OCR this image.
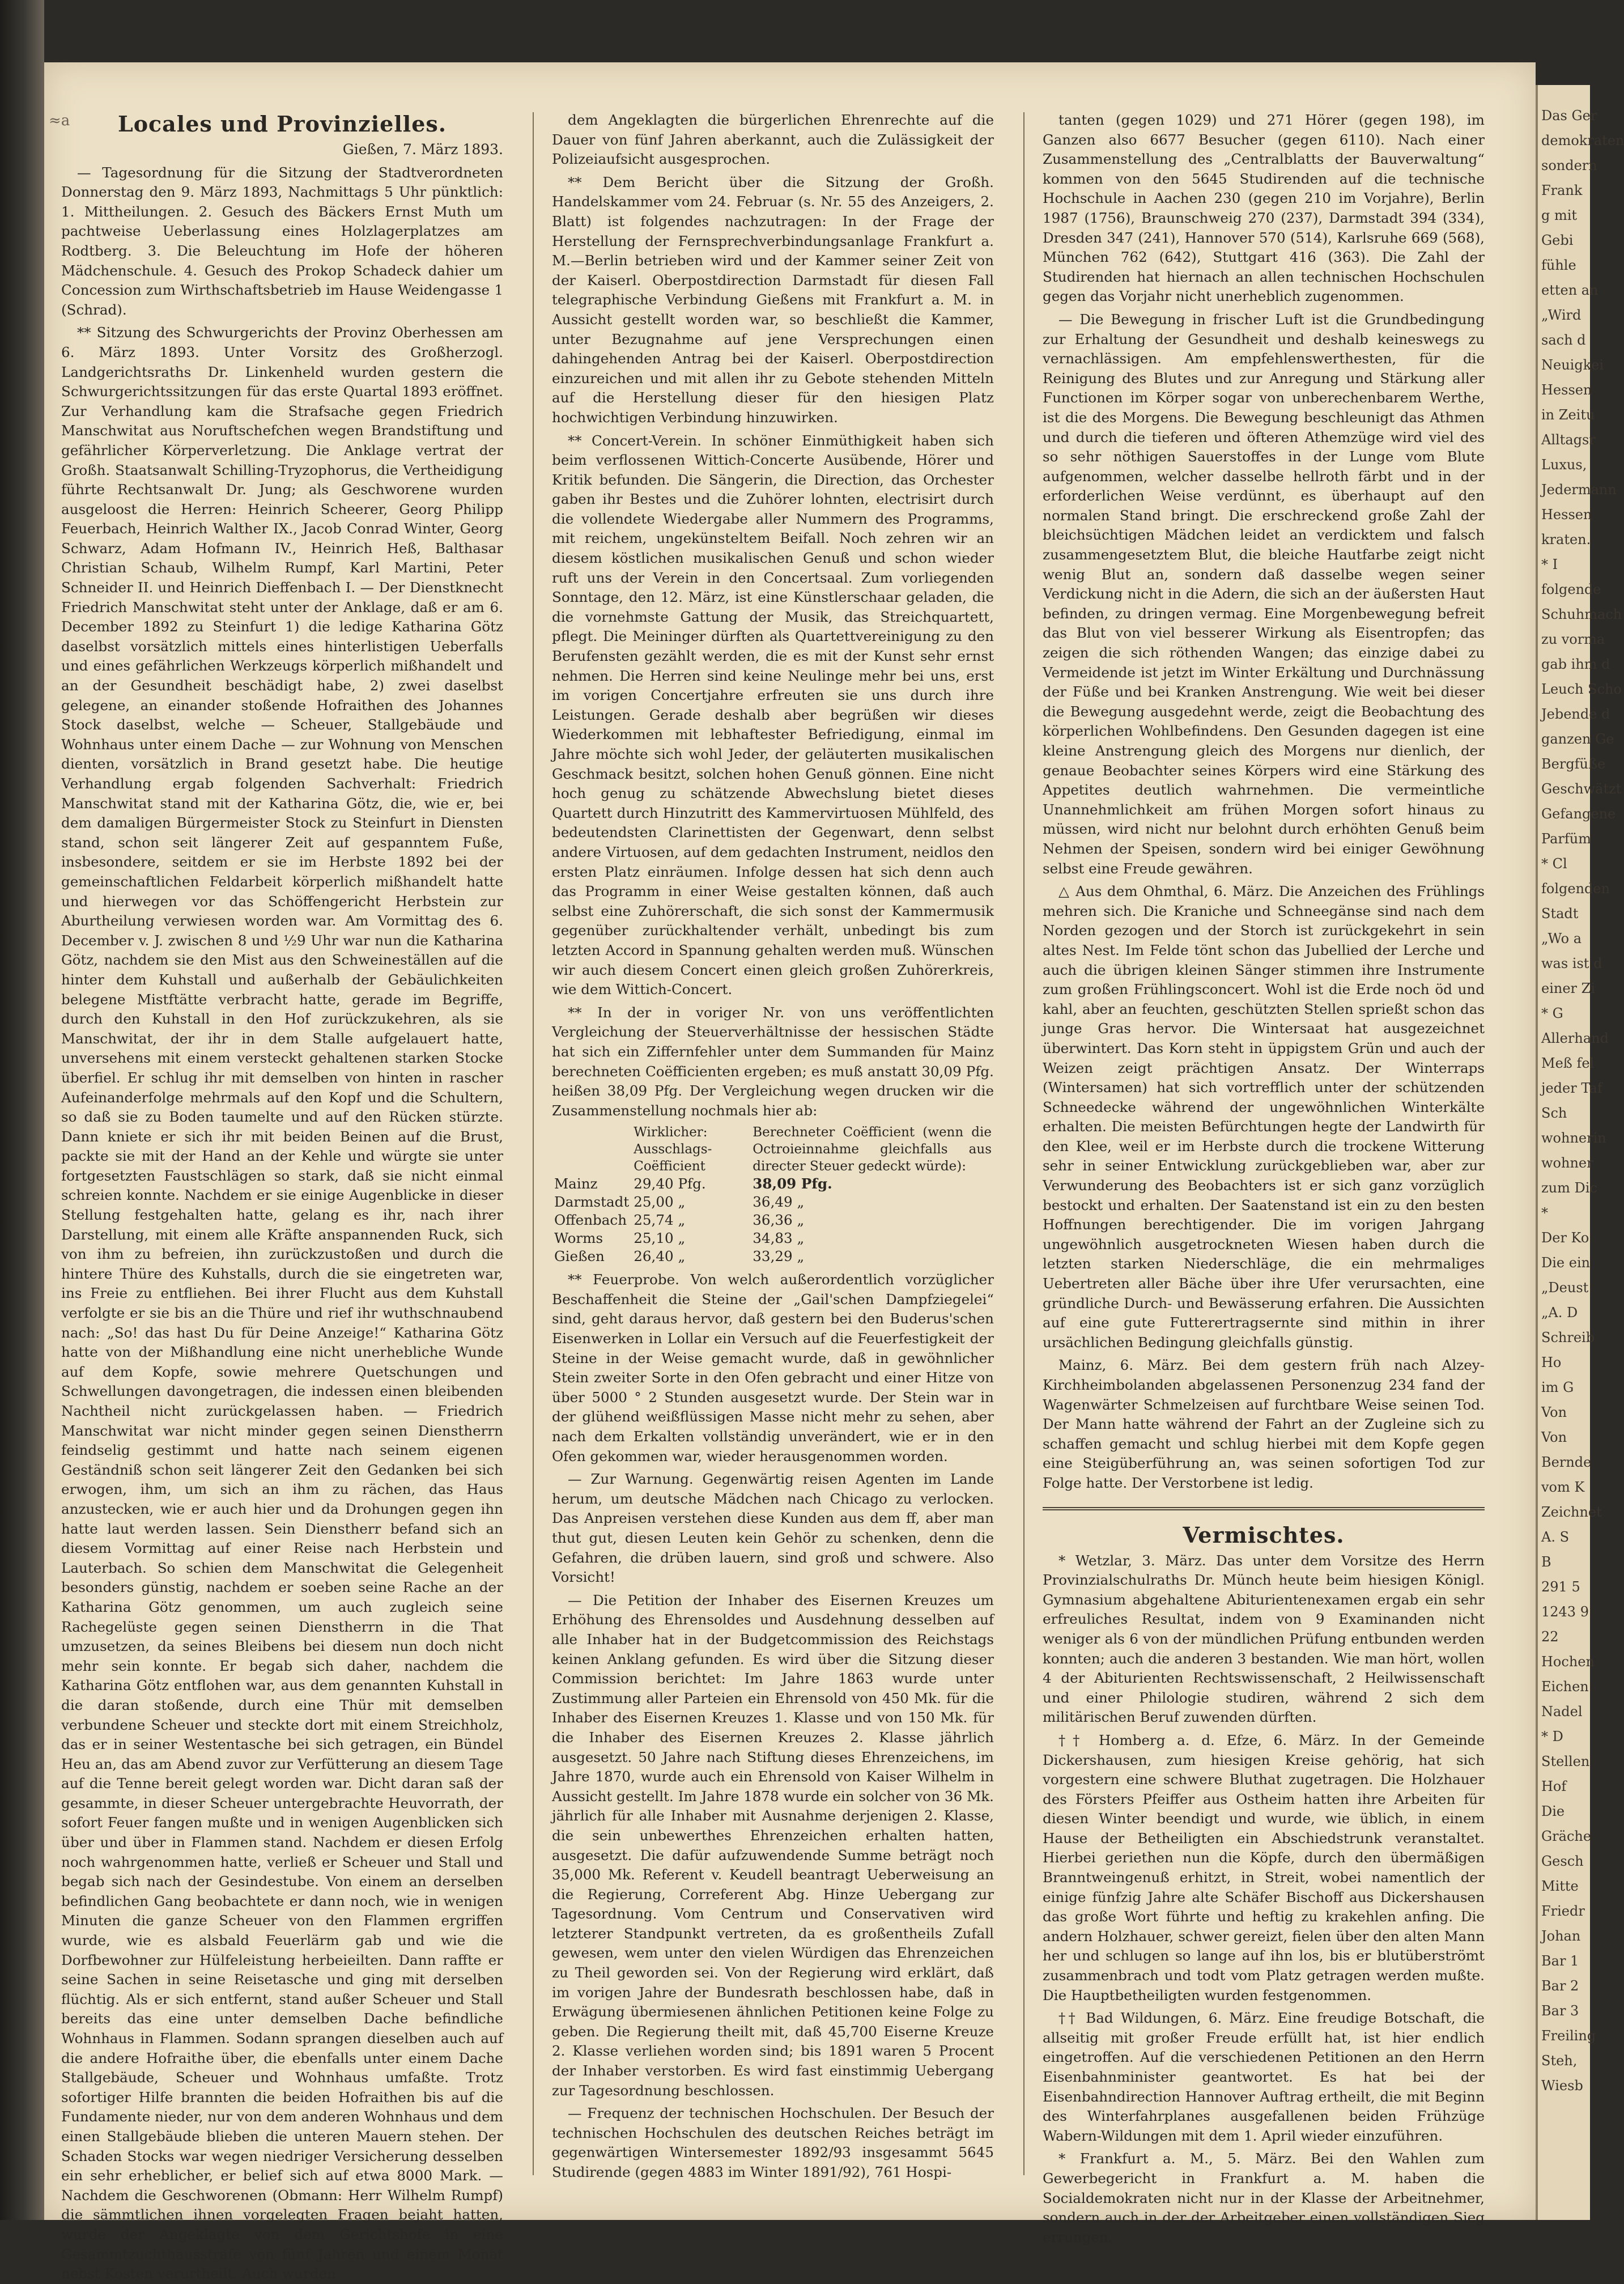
≈a	Locales und Provinzielles.
Gießen, 7. März 1893.

— Tagesordnung für die Sitzung der Stadtverordneten Donnerstag den 9. März 1893, Nachmittags 5 Uhr pünktlich: 1. Mittheilungen. 2. Gesuch des Bäckers Ernst Muth um pachtweise Ueberlassung eines Holzlagerplatzes am Rodtberg. 3. Die Beleuchtung im Hofe der höheren Mädchenschule. 4. Gesuch des Prokop Schadeck dahier um Concession zum Wirthschaftsbetrieb im Hause Weidengasse 1 (Schrad).

** Sitzung des Schwurgerichts der Provinz Oberhessen am 6. März 1893. Unter Vorsitz des Großherzogl. Landgerichtsraths Dr. Linkenheld wurden gestern die Schwurgerichtssitzungen für das erste Quartal 1893 eröffnet. Zur Verhandlung kam die Strafsache gegen Friedrich Manschwitat aus Noruftschefchen wegen Brandstiftung und gefährlicher Körperverletzung. Die Anklage vertrat der Großh. Staatsanwalt Schilling-Tryzophorus, die Vertheidigung führte Rechtsanwalt Dr. Jung; als Geschworene wurden ausgeloost die Herren: Heinrich Scheerer, Georg Philipp Feuerbach, Heinrich Walther IX., Jacob Conrad Winter, Georg Schwarz, Adam Hofmann IV., Heinrich Heß, Balthasar Christian Schaub, Wilhelm Rumpf, Karl Martini, Peter Schneider II. und Heinrich Dieffenbach I. — Der Dienstknecht Friedrich Manschwitat steht unter der Anklage, daß er am 6. December 1892 zu Steinfurt 1) die ledige Katharina Götz daselbst vorsätzlich mittels eines hinterlistigen Ueberfalls und eines gefährlichen Werkzeugs körperlich mißhandelt und an der Gesundheit beschädigt habe, 2) zwei daselbst gelegene, an einander stoßende Hofraithen des Johannes Stock daselbst, welche — Scheuer, Stallgebäude und Wohnhaus unter einem Dache — zur Wohnung von Menschen dienten, vorsätzlich in Brand gesetzt habe. Die heutige Verhandlung ergab folgenden Sachverhalt: Friedrich Manschwitat stand mit der Katharina Götz, die, wie er, bei dem damaligen Bürgermeister Stock zu Steinfurt in Diensten stand, schon seit längerer Zeit auf gespanntem Fuße, insbesondere, seitdem er sie im Herbste 1892 bei der gemeinschaftlichen Feldarbeit körperlich mißhandelt hatte und hierwegen vor das Schöffengericht Herbstein zur Aburtheilung verwiesen worden war. Am Vormittag des 6. December v. J. zwischen 8 und ½9 Uhr war nun die Katharina Götz, nachdem sie den Mist aus den Schweineställen auf die hinter dem Kuhstall und außerhalb der Gebäulichkeiten belegene Mistftätte verbracht hatte, gerade im Begriffe, durch den Kuhstall in den Hof zurückzukehren, als sie Manschwitat, der ihr in dem Stalle aufgelauert hatte, unversehens mit einem versteckt gehaltenen starken Stocke überfiel. Er schlug ihr mit demselben von hinten in rascher Aufeinanderfolge mehrmals auf den Kopf und die Schultern, so daß sie zu Boden taumelte und auf den Rücken stürzte. Dann kniete er sich ihr mit beiden Beinen auf die Brust, packte sie mit der Hand an der Kehle und würgte sie unter fortgesetzten Faustschlägen so stark, daß sie nicht einmal schreien konnte. Nachdem er sie einige Augenblicke in dieser Stellung festgehalten hatte, gelang es ihr, nach ihrer Darstellung, mit einem alle Kräfte anspannenden Ruck, sich von ihm zu befreien, ihn zurückzustoßen und durch die hintere Thüre des Kuhstalls, durch die sie eingetreten war, ins Freie zu entfliehen. Bei ihrer Flucht aus dem Kuhstall verfolgte er sie bis an die Thüre und rief ihr wuthschnaubend nach: „So! das hast Du für Deine Anzeige!“ Katharina Götz hatte von der Mißhandlung eine nicht unerhebliche Wunde auf dem Kopfe, sowie mehrere Quetschungen und Schwellungen davongetragen, die indessen einen bleibenden Nachtheil nicht zurückgelassen haben. — Friedrich Manschwitat war nicht minder gegen seinen Dienstherrn feindselig gestimmt und hatte nach seinem eigenen Geständniß schon seit längerer Zeit den Gedanken bei sich erwogen, ihm, um sich an ihm zu rächen, das Haus anzustecken, wie er auch hier und da Drohungen gegen ihn hatte laut werden lassen. Sein Dienstherr befand sich an diesem Vormittag auf einer Reise nach Herbstein und Lauterbach. So schien dem Manschwitat die Gelegenheit besonders günstig, nachdem er soeben seine Rache an der Katharina Götz genommen, um auch zugleich seine Rachegelüste gegen seinen Dienstherrn in die That umzusetzen, da seines Bleibens bei diesem nun doch nicht mehr sein konnte. Er begab sich daher, nachdem die Katharina Götz entflohen war, aus dem genannten Kuhstall in die daran stoßende, durch eine Thür mit demselben verbundene Scheuer und steckte dort mit einem Streichholz, das er in seiner Westentasche bei sich getragen, ein Bündel Heu an, das am Abend zuvor zur Verfütterung an diesem Tage auf die Tenne bereit gelegt worden war. Dicht daran saß der gesammte, in dieser Scheuer untergebrachte Heuvorrath, der sofort Feuer fangen mußte und in wenigen Augenblicken sich über und über in Flammen stand. Nachdem er diesen Erfolg noch wahrgenommen hatte, verließ er Scheuer und Stall und begab sich nach der Gesindestube. Von einem an derselben befindlichen Gang beobachtete er dann noch, wie in wenigen Minuten die ganze Scheuer von den Flammen ergriffen wurde, wie es alsbald Feuerlärm gab und wie die Dorfbewohner zur Hülfeleistung herbeieilten. Dann raffte er seine Sachen in seine Reisetasche und ging mit derselben flüchtig. Als er sich entfernt, stand außer Scheuer und Stall bereits das eine unter demselben Dache befindliche Wohnhaus in Flammen. Sodann sprangen dieselben auch auf die andere Hofraithe über, die ebenfalls unter einem Dache Stallgebäude, Scheuer und Wohnhaus umfaßte. Trotz sofortiger Hilfe brannten die beiden Hofraithen bis auf die Fundamente nieder, nur von dem anderen Wohnhaus und dem einen Stallgebäude blieben die unteren Mauern stehen. Der Schaden Stocks war wegen niedriger Versicherung desselben ein sehr erheblicher, er belief sich auf etwa 8000 Mark. — Nachdem die Geschworenen (Obmann: Herr Wilhelm Rumpf) die sämmtlichen ihnen vorgelegten Fragen bejaht hatten, wurde der Angeklagte von dem Gerichtshofe in eine Gesammtzuchthausstrafe von fünf Jahren und einem Monat nebst Kosten verurtheilt. Auch wurden

dem Angeklagten die bürgerlichen Ehrenrechte auf die Dauer von fünf Jahren aberkannt, auch die Zulässigkeit der Polizeiaufsicht ausgesprochen.

** Dem Bericht über die Sitzung der Großh. Handelskammer vom 24. Februar (s. Nr. 55 des Anzeigers, 2. Blatt) ist folgendes nachzutragen: In der Frage der Herstellung der Fernsprechverbindungsanlage Frankfurt a. M.—Berlin betrieben wird und der Kammer seiner Zeit von der Kaiserl. Oberpostdirection Darmstadt für diesen Fall telegraphische Verbindung Gießens mit Frankfurt a. M. in Aussicht gestellt worden war, so beschließt die Kammer, unter Bezugnahme auf jene Versprechungen einen dahingehenden Antrag bei der Kaiserl. Oberpostdirection einzureichen und mit allen ihr zu Gebote stehenden Mitteln auf die Herstellung dieser für den hiesigen Platz hochwichtigen Verbindung hinzuwirken.

** Concert-Verein. In schöner Einmüthigkeit haben sich beim verflossenen Wittich-Concerte Ausübende, Hörer und Kritik befunden. Die Sängerin, die Direction, das Orchester gaben ihr Bestes und die Zuhörer lohnten, electrisirt durch die vollendete Wiedergabe aller Nummern des Programms, mit reichem, ungekünsteltem Beifall. Noch zehren wir an diesem köstlichen musikalischen Genuß und schon wieder ruft uns der Verein in den Concertsaal. Zum vorliegenden Sonntage, den 12. März, ist eine Künstlerschaar geladen, die die vornehmste Gattung der Musik, das Streichquartett, pflegt. Die Meininger dürften als Quartettvereinigung zu den Berufensten gezählt werden, die es mit der Kunst sehr ernst nehmen. Die Herren sind keine Neulinge mehr bei uns, erst im vorigen Concertjahre erfreuten sie uns durch ihre Leistungen. Gerade deshalb aber begrüßen wir dieses Wiederkommen mit lebhaftester Befriedigung, einmal im Jahre möchte sich wohl Jeder, der geläuterten musikalischen Geschmack besitzt, solchen hohen Genuß gönnen. Eine nicht hoch genug zu schätzende Abwechslung bietet dieses Quartett durch Hinzutritt des Kammervirtuosen Mühlfeld, des bedeutendsten Clarinettisten der Gegenwart, denn selbst andere Virtuosen, auf dem gedachten Instrument, neidlos den ersten Platz einräumen. Infolge dessen hat sich denn auch das Programm in einer Weise gestalten können, daß auch selbst eine Zuhörerschaft, die sich sonst der Kammermusik gegenüber zurückhaltender verhält, unbedingt bis zum letzten Accord in Spannung gehalten werden muß. Wünschen wir auch diesem Concert einen gleich großen Zuhörerkreis, wie dem Wittich-Concert.

** In der in voriger Nr. von uns veröffentlichten Vergleichung der Steuerverhältnisse der hessischen Städte hat sich ein Ziffernfehler unter dem Summanden für Mainz berechneten Coëfficienten ergeben; es muß anstatt 30,09 Pfg. heißen 38,09 Pfg. Der Vergleichung wegen drucken wir die Zusammenstellung nochmals hier ab:

	Wirklicher: Ausschlags-Coëfficient	Berechneter Coëfficient (wenn die Octroieinnahme gleichfalls aus directer Steuer gedeckt würde):
Mainz	29,40 Pfg.	38,09 Pfg.
Darmstadt	25,00 „	36,49 „
Offenbach	25,74 „	36,36 „
Worms	25,10 „	34,83 „
Gießen	26,40 „	33,29 „

** Feuerprobe. Von welch außerordentlich vorzüglicher Beschaffenheit die Steine der „Gail'schen Dampfziegelei“ sind, geht daraus hervor, daß gestern bei den Buderus'schen Eisenwerken in Lollar ein Versuch auf die Feuerfestigkeit der Steine in der Weise gemacht wurde, daß in gewöhnlicher Stein zweiter Sorte in den Ofen gebracht und einer Hitze von über 5000 ° 2 Stunden ausgesetzt wurde. Der Stein war in der glühend weißflüssigen Masse nicht mehr zu sehen, aber nach dem Erkalten vollständig unverändert, wie er in den Ofen gekommen war, wieder herausgenommen worden.

— Zur Warnung. Gegenwärtig reisen Agenten im Lande herum, um deutsche Mädchen nach Chicago zu verlocken. Das Anpreisen verstehen diese Kunden aus dem ff, aber man thut gut, diesen Leuten kein Gehör zu schenken, denn die Gefahren, die drüben lauern, sind groß und schwere. Also Vorsicht!

— Die Petition der Inhaber des Eisernen Kreuzes um Erhöhung des Ehrensoldes und Ausdehnung desselben auf alle Inhaber hat in der Budgetcommission des Reichstags keinen Anklang gefunden. Es wird über die Sitzung dieser Commission berichtet: Im Jahre 1863 wurde unter Zustimmung aller Parteien ein Ehrensold von 450 Mk. für die Inhaber des Eisernen Kreuzes 1. Klasse und von 150 Mk. für die Inhaber des Eisernen Kreuzes 2. Klasse jährlich ausgesetzt. 50 Jahre nach Stiftung dieses Ehrenzeichens, im Jahre 1870, wurde auch ein Ehrensold von Kaiser Wilhelm in Aussicht gestellt. Im Jahre 1878 wurde ein solcher von 36 Mk. jährlich für alle Inhaber mit Ausnahme derjenigen 2. Klasse, die sein unbewerthes Ehrenzeichen erhalten hatten, ausgesetzt. Die dafür aufzuwendende Summe beträgt noch 35,000 Mk. Referent v. Keudell beantragt Ueberweisung an die Regierung, Correferent Abg. Hinze Uebergang zur Tagesordnung. Vom Centrum und Conservativen wird letzterer Standpunkt vertreten, da es großentheils Zufall gewesen, wem unter den vielen Würdigen das Ehrenzeichen zu Theil geworden sei. Von der Regierung wird erklärt, daß im vorigen Jahre der Bundesrath beschlossen habe, daß in Erwägung übermiesenen ähnlichen Petitionen keine Folge zu geben. Die Regierung theilt mit, daß 45,700 Eiserne Kreuze 2. Klasse verliehen worden sind; bis 1891 waren 5 Procent der Inhaber verstorben. Es wird fast einstimmig Uebergang zur Tagesordnung beschlossen.

— Frequenz der technischen Hochschulen. Der Besuch der technischen Hochschulen des deutschen Reiches beträgt im gegenwärtigen Wintersemester 1892/93 insgesammt 5645 Studirende (gegen 4883 im Winter 1891/92), 761 Hospi-

tanten (gegen 1029) und 271 Hörer (gegen 198), im Ganzen also 6677 Besucher (gegen 6110). Nach einer Zusammenstellung des „Centralblatts der Bauverwaltung“ kommen von den 5645 Studirenden auf die technische Hochschule in Aachen 230 (gegen 210 im Vorjahre), Berlin 1987 (1756), Braunschweig 270 (237), Darmstadt 394 (334), Dresden 347 (241), Hannover 570 (514), Karlsruhe 669 (568), München 762 (642), Stuttgart 416 (363). Die Zahl der Studirenden hat hiernach an allen technischen Hochschulen gegen das Vorjahr nicht unerheblich zugenommen.

— Die Bewegung in frischer Luft ist die Grundbedingung zur Erhaltung der Gesundheit und deshalb keineswegs zu vernachlässigen. Am empfehlenswerthesten, für die Reinigung des Blutes und zur Anregung und Stärkung aller Functionen im Körper sogar von unberechenbarem Werthe, ist die des Morgens. Die Bewegung beschleunigt das Athmen und durch die tieferen und öfteren Athemzüge wird viel des so sehr nöthigen Sauerstoffes in der Lunge vom Blute aufgenommen, welcher dasselbe hellroth färbt und in der erforderlichen Weise verdünnt, es überhaupt auf den normalen Stand bringt. Die erschreckend große Zahl der bleichsüchtigen Mädchen leidet an verdicktem und falsch zusammengesetztem Blut, die bleiche Hautfarbe zeigt nicht wenig Blut an, sondern daß dasselbe wegen seiner Verdickung nicht in die Adern, die sich an der äußersten Haut befinden, zu dringen vermag. Eine Morgenbewegung befreit das Blut von viel besserer Wirkung als Eisentropfen; das zeigen die sich röthenden Wangen; das einzige dabei zu Vermeidende ist jetzt im Winter Erkältung und Durchnässung der Füße und bei Kranken Anstrengung. Wie weit bei dieser die Bewegung ausgedehnt werde, zeigt die Beobachtung des körperlichen Wohlbefindens. Den Gesunden dagegen ist eine kleine Anstrengung gleich des Morgens nur dienlich, der genaue Beobachter seines Körpers wird eine Stärkung des Appetites deutlich wahrnehmen. Die vermeintliche Unannehmlichkeit am frühen Morgen sofort hinaus zu müssen, wird nicht nur belohnt durch erhöhten Genuß beim Nehmen der Speisen, sondern wird bei einiger Gewöhnung selbst eine Freude gewähren.

△ Aus dem Ohmthal, 6. März. Die Anzeichen des Frühlings mehren sich. Die Kraniche und Schneegänse sind nach dem Norden gezogen und der Storch ist zurückgekehrt in sein altes Nest. Im Felde tönt schon das Jubellied der Lerche und auch die übrigen kleinen Sänger stimmen ihre Instrumente zum großen Frühlingsconcert. Wohl ist die Erde noch öd und kahl, aber an feuchten, geschützten Stellen sprießt schon das junge Gras hervor. Die Wintersaat hat ausgezeichnet überwintert. Das Korn steht in üppigstem Grün und auch der Weizen zeigt prächtigen Ansatz. Der Winterraps (Wintersamen) hat sich vortrefflich unter der schützenden Schneedecke während der ungewöhnlichen Winterkälte erhalten. Die meisten Befürchtungen hegte der Landwirth für den Klee, weil er im Herbste durch die trockene Witterung sehr in seiner Entwicklung zurückgeblieben war, aber zur Verwunderung des Beobachters ist er sich ganz vorzüglich bestockt und erhalten. Der Saatenstand ist ein zu den besten Hoffnungen berechtigender. Die im vorigen Jahrgang ungewöhnlich ausgetrockneten Wiesen haben durch die letzten starken Niederschläge, die ein mehrmaliges Uebertreten aller Bäche über ihre Ufer verursachten, eine gründliche Durch- und Bewässerung erfahren. Die Aussichten auf eine gute Futterertragsernte sind mithin in ihrer ursächlichen Bedingung gleichfalls günstig.

Mainz, 6. März. Bei dem gestern früh nach Alzey-Kirchheimbolanden abgelassenen Personenzug 234 fand der Wagenwärter Schmelzeisen auf furchtbare Weise seinen Tod. Der Mann hatte während der Fahrt an der Zugleine sich zu schaffen gemacht und schlug hierbei mit dem Kopfe gegen eine Steigüberführung an, was seinen sofortigen Tod zur Folge hatte. Der Verstorbene ist ledig.

Vermischtes.

* Wetzlar, 3. März. Das unter dem Vorsitze des Herrn Provinzialschulraths Dr. Münch heute beim hiesigen Königl. Gymnasium abgehaltene Abiturientenexamen ergab ein sehr erfreuliches Resultat, indem von 9 Examinanden nicht weniger als 6 von der mündlichen Prüfung entbunden werden konnten; auch die anderen 3 bestanden. Wie man hört, wollen 4 der Abiturienten Rechtswissenschaft, 2 Heilwissenschaft und einer Philologie studiren, während 2 sich dem militärischen Beruf zuwenden dürften.

†† Homberg a. d. Efze, 6. März. In der Gemeinde Dickershausen, zum hiesigen Kreise gehörig, hat sich vorgestern eine schwere Bluthat zugetragen. Die Holzhauer des Försters Pfeiffer aus Ostheim hatten ihre Arbeiten für diesen Winter beendigt und wurde, wie üblich, in einem Hause der Betheiligten ein Abschiedstrunk veranstaltet. Hierbei geriethen nun die Köpfe, durch den übermäßigen Branntweingenuß erhitzt, in Streit, wobei namentlich der einige fünfzig Jahre alte Schäfer Bischoff aus Dickershausen das große Wort führte und heftig zu krakehlen anfing. Die andern Holzhauer, schwer gereizt, fielen über den alten Mann her und schlugen so lange auf ihn los, bis er blutüberströmt zusammenbrach und todt vom Platz getragen werden mußte. Die Hauptbetheiligten wurden festgenommen.

†† Bad Wildungen, 6. März. Eine freudige Botschaft, die allseitig mit großer Freude erfüllt hat, ist hier endlich eingetroffen. Auf die verschiedenen Petitionen an den Herrn Eisenbahnminister geantwortet. Es hat bei der Eisenbahndirection Hannover Auftrag ertheilt, die mit Beginn des Winterfahrplanes ausgefallenen beiden Frühzüge Wabern-Wildungen mit dem 1. April wieder einzuführen.

* Frankfurt a. M., 5. März. Bei den Wahlen zum Gewerbegericht in Frankfurt a. M. haben die Socialdemokraten nicht nur in der Klasse der Arbeitnehmer, sondern auch in der der Arbeitgeber einen vollständigen Sieg errungen.

Das Ger
demokraten
sondern
Frank
g mit
Gebi
fühle
etten an
„Wird
sach d
Neuigkei
Hessen
in Zeitu
Alltagsr
Luxus,
Jedermann
Hessen
kraten.
* I
folgende
Schuhmach
zu vorma
gab ihm d
Leuch Scho
Jebende d
ganzen Ge
Bergfüße
Geschwätzt
Gefangene
Parfüm
* Cl
folgenden
Stadt
„Wo a
was ist d
einer Zi
* G
Allerhand
Meß fel
jeder Taf
Sch
wohnerin
wohner
zum Dic
*
Der Ko
Die ein
„Deust
„A. D
Schreib
Ho
im G
Von
Von
Bernde
vom K
Zeichnet
A. S
B
291 5
1243 9
22
Hochen
Eichen
Nadel
* D
Stellen
Hof
Die
Gräche
Gesch
Mitte
Friedr
Johan
Bar 1
Bar 2
Bar 3
Freiling
Steh,
Wiesb
